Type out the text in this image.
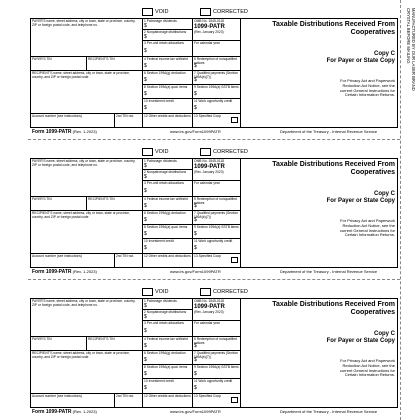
MANUFACTURED BY OUR LASER BRAND
CRYSTAL BEFORE MAILING
VOID	CORRECTED
PAYER'S name, street address, city or town, state or province, country, ZIP or foreign postal code, and telephone no.
PAYER'S TIN	RECIPIENT'S TIN
RECIPIENT'S name, street address, city or town, state or province, country, and ZIP or foreign postal code
Account number (see instructions)	2nd TIN not.
1 Patronage dividends
$
2 Nonpatronage distributions
$
3 Per-unit retain allocations
$
OMB No. 1545-0118
1099-PATR
(Rev. January 2023)
For calendar year
4 Federal income tax withheld
$
5 Redemption of nonqualified notices
$
6 Section 199A(g) deduction
$
7 Qualified payments (Section 199A(b)(7))
$
8 Section 199A(a) qual. items
$
9 Section 199A(a) SSTB items
$
10 Investment credit
$
11 Work opportunity credit
$
12 Other credits and deductions 13 Specified Coop
Taxable Distributions Received From Cooperatives
Copy C
For Payer or State Copy
For Privacy Act and Paperwork Reduction Act Notice, see the current General Instructions for Certain Information Returns.
Form 1099-PATR (Rev. 1-2023)	www.irs.gov/Form1099PATR	Department of the Treasury - Internal Revenue Service
VOID	CORRECTED
PAYER'S name, street address, city or town, state or province, country, ZIP or foreign postal code, and telephone no.
PAYER'S TIN	RECIPIENT'S TIN
RECIPIENT'S name, street address, city or town, state or province, country, and ZIP or foreign postal code
Account number (see instructions)	2nd TIN not.
1 Patronage dividends
$
2 Nonpatronage distributions
$
3 Per-unit retain allocations
$
OMB No. 1545-0118
1099-PATR
(Rev. January 2023)
For calendar year
4 Federal income tax withheld
$
5 Redemption of nonqualified notices
$
6 Section 199A(g) deduction
$
7 Qualified payments (Section 199A(b)(7))
$
8 Section 199A(a) qual. items
$
9 Section 199A(a) SSTB items
$
10 Investment credit
$
11 Work opportunity credit
$
12 Other credits and deductions 13 Specified Coop
Taxable Distributions Received From Cooperatives
Copy C
For Payer or State Copy
For Privacy Act and Paperwork Reduction Act Notice, see the current General Instructions for Certain Information Returns.
Form 1099-PATR (Rev. 1-2023)	www.irs.gov/Form1099PATR	Department of the Treasury - Internal Revenue Service
VOID	CORRECTED
PAYER'S name, street address, city or town, state or province, country, ZIP or foreign postal code, and telephone no.
PAYER'S TIN	RECIPIENT'S TIN
RECIPIENT'S name, street address, city or town, state or province, country, and ZIP or foreign postal code
Account number (see instructions)	2nd TIN not.
1 Patronage dividends
$
2 Nonpatronage distributions
$
3 Per-unit retain allocations
$
OMB No. 1545-0118
1099-PATR
(Rev. January 2023)
For calendar year
4 Federal income tax withheld
$
5 Redemption of nonqualified notices
$
6 Section 199A(g) deduction
$
7 Qualified payments (Section 199A(b)(7))
$
8 Section 199A(a) qual. items
$
9 Section 199A(a) SSTB items
$
10 Investment credit
$
11 Work opportunity credit
$
12 Other credits and deductions 13 Specified Coop
Taxable Distributions Received From Cooperatives
Copy C
For Payer or State Copy
For Privacy Act and Paperwork Reduction Act Notice, see the current General Instructions for Certain Information Returns.
Form 1099-PATR (Rev. 1-2023)	www.irs.gov/Form1099PATR	Department of the Treasury - Internal Revenue Service
